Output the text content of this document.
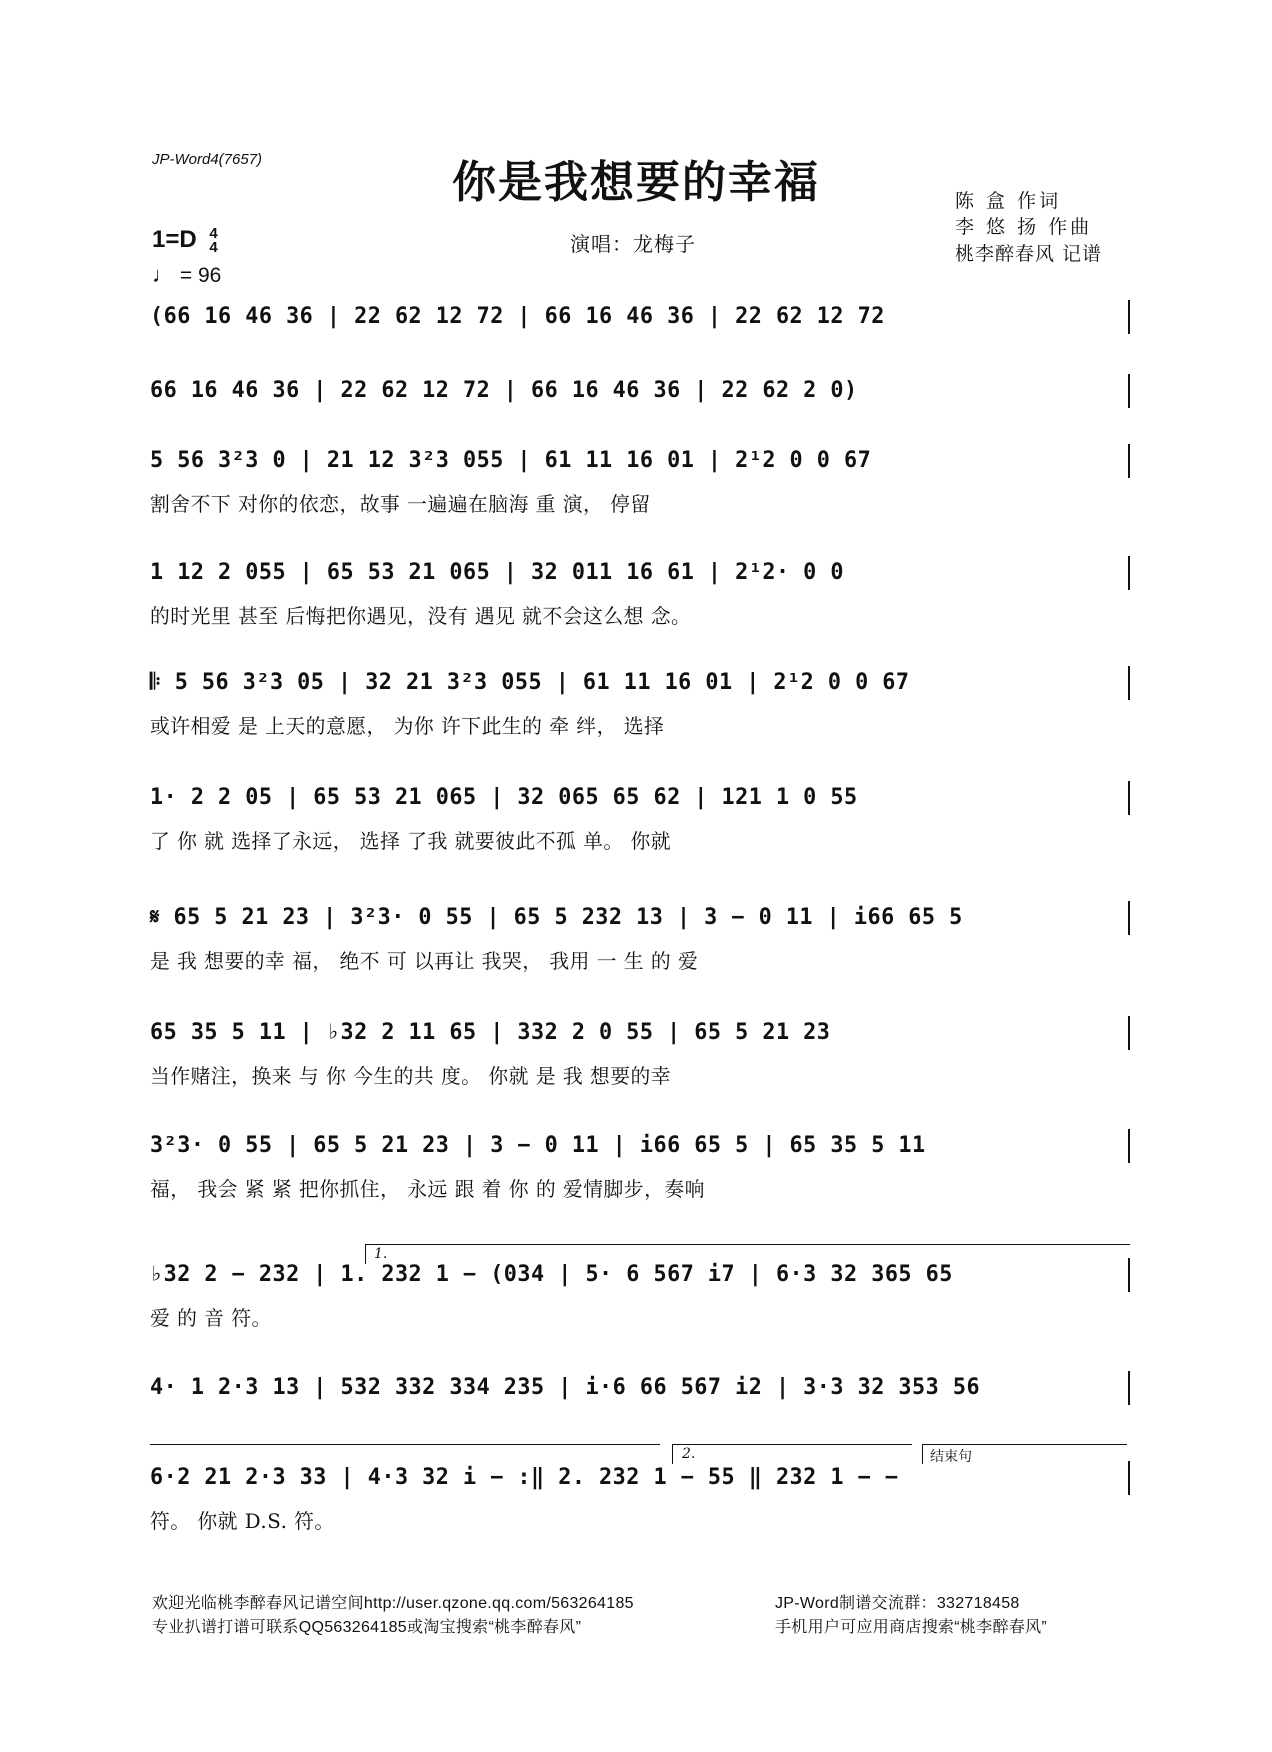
JP-Word4(7657)	你是我想要的幸福
演唱：龙梅子
陈 盒 作词
李 悠 扬 作曲
桃李醉春风 记谱
1=D 4
4
♩ = 96
(66 16 46 36 | 22 62 12 72 | 66 16 46 36 | 22 62 12 72
66 16 46 36 | 22 62 12 72 | 66 16 46 36 | 22 62 2 0)
5 56 3²3 0 | 21 12 3²3 055 | 61 11 16 01 | 2¹2 0 0 67
割舍不下 对你的依恋，故事 一遍遍在脑海 重 演， 停留
1 12 2 055 | 65 53 21 065 | 32 011 16 61 | 2¹2· 0 0
的时光里 甚至 后悔把你遇见，没有 遇见 就不会这么想 念。
𝄆 5 56 3²3 05 | 32 21 3²3 055 | 61 11 16 01 | 2¹2 0 0 67
或许相爱 是 上天的意愿， 为你 许下此生的 牵 绊， 选择
1· 2 2 05 | 65 53 21 065 | 32 065 65 62 | 121 1 0 55
了 你 就 选择了永远， 选择 了我 就要彼此不孤 单。 你就
𝄋 65 5 21 23 | 3²3· 0 55 | 65 5 232 13 | 3 − 0 11 | i66 65 5
是 我 想要的幸 福， 绝不 可 以再让 我哭， 我用 一 生 的 爱
65 35 5 11 | ♭32 2 11 65 | 332 2 0 55 | 65 5 21 23
当作赌注，换来 与 你 今生的共 度。 你就 是 我 想要的幸
3²3· 0 55 | 65 5 21 23 | 3 − 0 11 | i66 65 5 | 65 35 5 11
福， 我会 紧 紧 把你抓住， 永远 跟 着 你 的 爱情脚步，奏响
♭32 2 − 232 | 1. 232 1 − (034 | 5· 6 567 i7 | 6·3 32 365 65
爱 的 音 符。
4· 1 2·3 13 | 532 332 334 235 | i·6 66 567 i2 | 3·3 32 353 56
6·2 21 2·3 33 | 4·3 32 i − :‖ 2. 232 1 − 55 ‖ 232 1 − −
符。 你就 D.S. 符。
1.
2.	结束句
欢迎光临桃李醉春风记谱空间http://user.qzone.qq.com/563264185
专业扒谱打谱可联系QQ563264185或淘宝搜索“桃李醉春风”
JP-Word制谱交流群：332718458
手机用户可应用商店搜索“桃李醉春风”
